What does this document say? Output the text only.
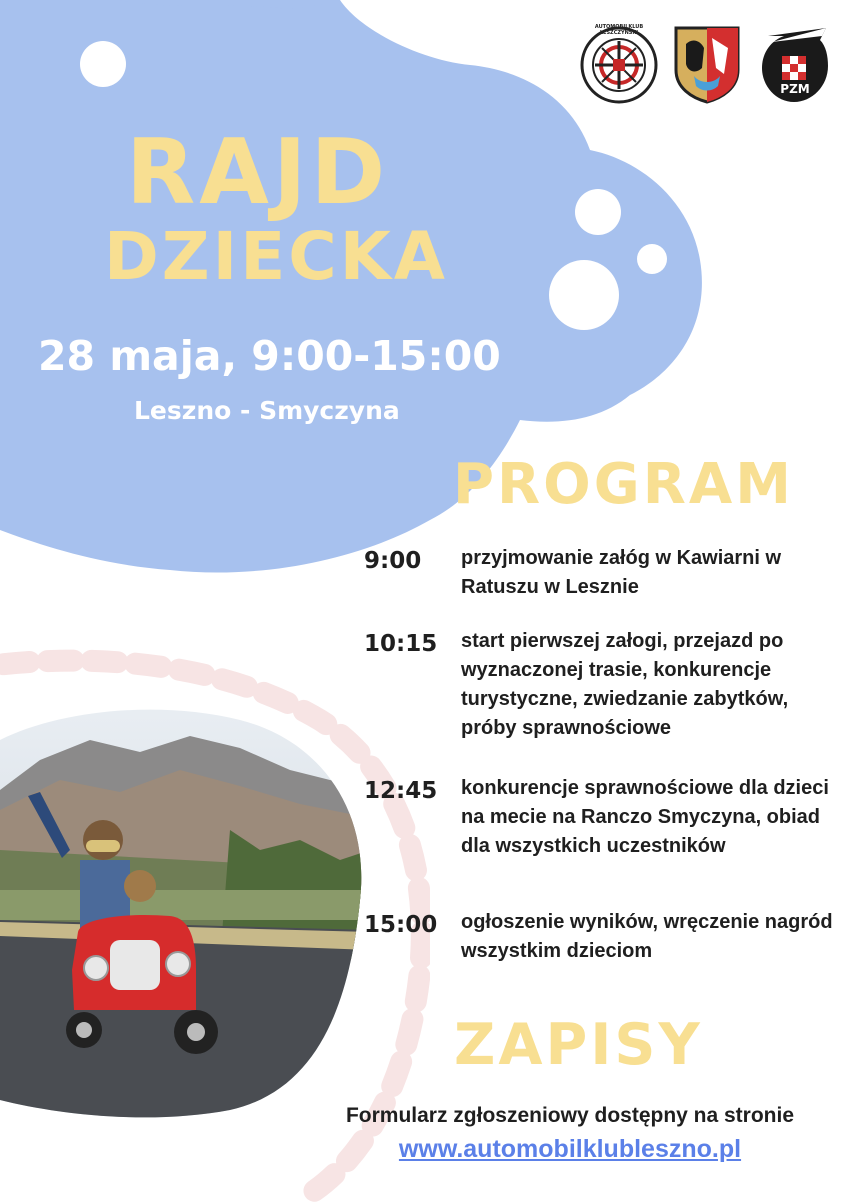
AUTOMOBILKLUB LESZCZYŃSKI
PZM
RAJD
DZIECKA
28 maja, 9:00-15:00
Leszno - Smyczyna
PROGRAM
9:00 przyjmowanie załóg w Kawiarni w Ratuszu w Lesznie
10:15 start pierwszej załogi, przejazd po wyznaczonej trasie, konkurencje turystyczne, zwiedzanie zabytków, próby sprawnościowe
12:45 konkurencje sprawnościowe dla dzieci na mecie na Ranczo Smyczyna, obiad dla wszystkich uczestników
15:00 ogłoszenie wyników, wręczenie nagród wszystkim dzieciom
ZAPISY
Formularz zgłoszeniowy dostępny na stronie
www.automobilklubleszno.pl
